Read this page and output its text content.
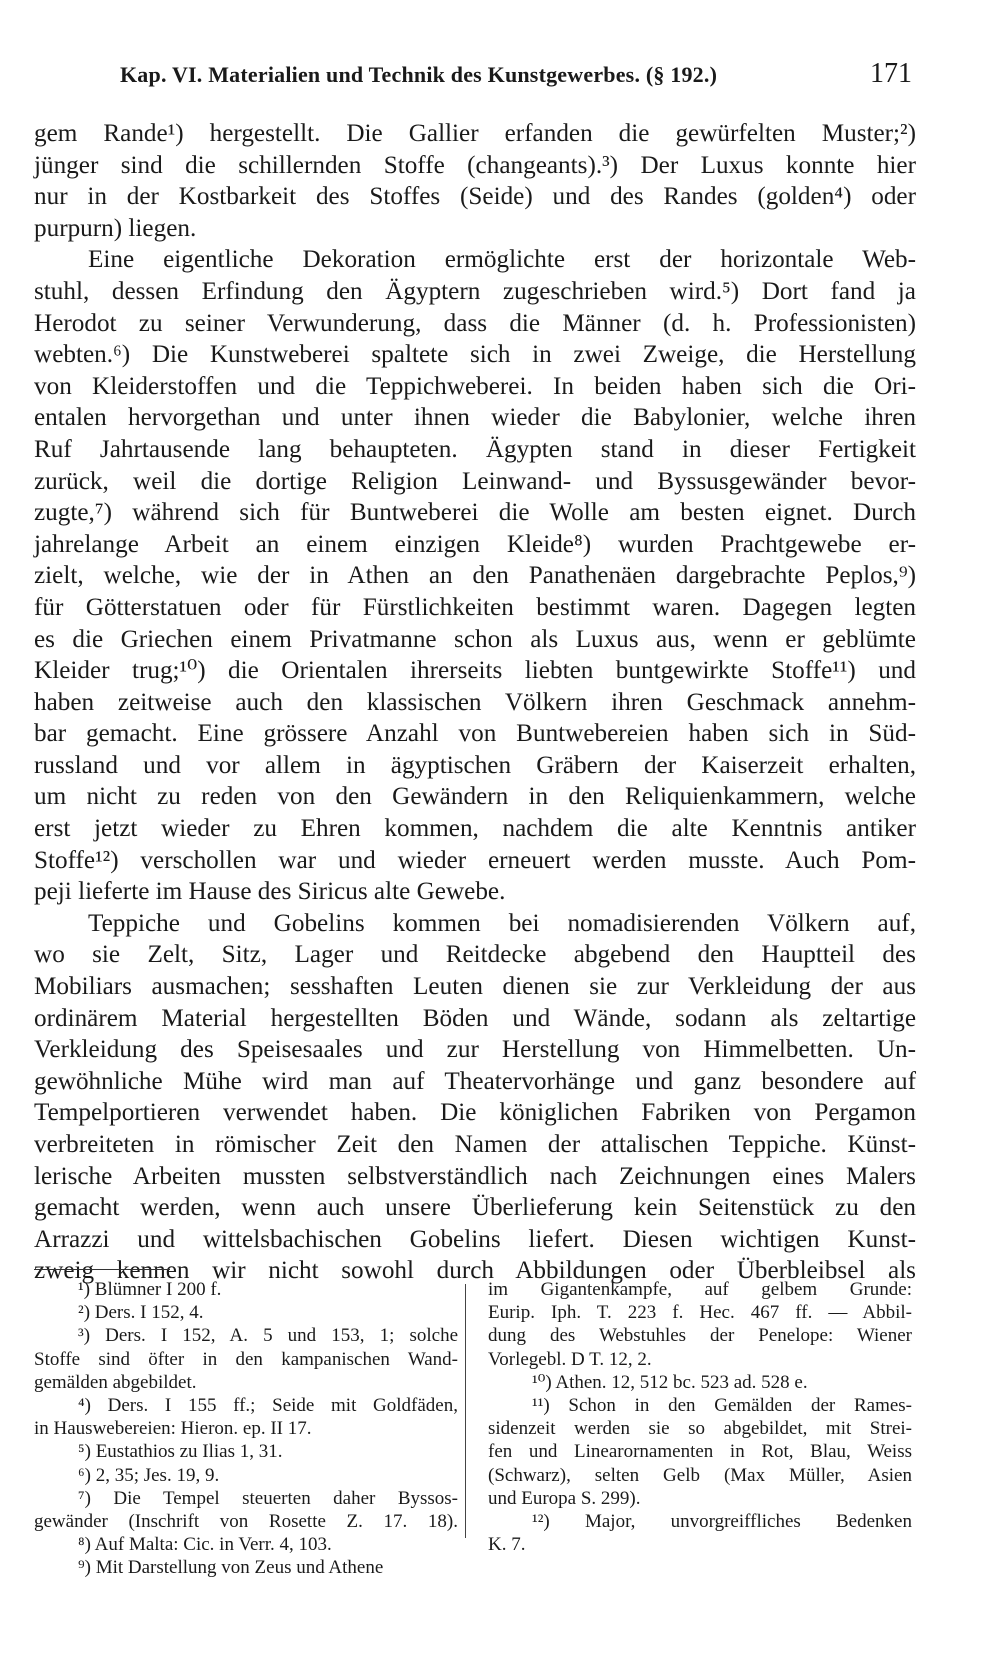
Kap. VI. Materialien und Technik des Kunstgewerbes. (§ 192.)	171
gem Rande¹) hergestellt. Die Gallier erfanden die gewürfelten Muster;²)
jünger sind die schillernden Stoffe (changeants).³) Der Luxus konnte hier
nur in der Kostbarkeit des Stoffes (Seide) und des Randes (golden⁴) oder
purpurn) liegen.
Eine eigentliche Dekoration ermöglichte erst der horizontale Web-
stuhl, dessen Erfindung den Ägyptern zugeschrieben wird.⁵) Dort fand ja
Herodot zu seiner Verwunderung, dass die Männer (d. h. Professionisten)
webten.⁶) Die Kunstweberei spaltete sich in zwei Zweige, die Herstellung
von Kleiderstoffen und die Teppichweberei. In beiden haben sich die Ori-
entalen hervorgethan und unter ihnen wieder die Babylonier, welche ihren
Ruf Jahrtausende lang behaupteten. Ägypten stand in dieser Fertigkeit
zurück, weil die dortige Religion Leinwand- und Byssusgewänder bevor-
zugte,⁷) während sich für Buntweberei die Wolle am besten eignet. Durch
jahrelange Arbeit an einem einzigen Kleide⁸) wurden Prachtgewebe er-
zielt, welche, wie der in Athen an den Panathenäen dargebrachte Peplos,⁹)
für Götterstatuen oder für Fürstlichkeiten bestimmt waren. Dagegen legten
es die Griechen einem Privatmanne schon als Luxus aus, wenn er geblümte
Kleider trug;¹⁰) die Orientalen ihrerseits liebten buntgewirkte Stoffe¹¹) und
haben zeitweise auch den klassischen Völkern ihren Geschmack annehm-
bar gemacht. Eine grössere Anzahl von Buntwebereien haben sich in Süd-
russland und vor allem in ägyptischen Gräbern der Kaiserzeit erhalten,
um nicht zu reden von den Gewändern in den Reliquienkammern, welche
erst jetzt wieder zu Ehren kommen, nachdem die alte Kenntnis antiker
Stoffe¹²) verschollen war und wieder erneuert werden musste. Auch Pom-
peji lieferte im Hause des Siricus alte Gewebe.
Teppiche und Gobelins kommen bei nomadisierenden Völkern auf,
wo sie Zelt, Sitz, Lager und Reitdecke abgebend den Hauptteil des
Mobiliars ausmachen; sesshaften Leuten dienen sie zur Verkleidung der aus
ordinärem Material hergestellten Böden und Wände, sodann als zeltartige
Verkleidung des Speisesaales und zur Herstellung von Himmelbetten. Un-
gewöhnliche Mühe wird man auf Theatervorhänge und ganz besondere auf
Tempelportieren verwendet haben. Die königlichen Fabriken von Pergamon
verbreiteten in römischer Zeit den Namen der attalischen Teppiche. Künst-
lerische Arbeiten mussten selbstverständlich nach Zeichnungen eines Malers
gemacht werden, wenn auch unsere Überlieferung kein Seitenstück zu den
Arrazzi und wittelsbachischen Gobelins liefert. Diesen wichtigen Kunst-
zweig kennen wir nicht sowohl durch Abbildungen oder Überbleibsel als
¹) Blümner I 200 f.
²) Ders. I 152, 4.
³) Ders. I 152, A. 5 und 153, 1; solche
Stoffe sind öfter in den kampanischen Wand-
gemälden abgebildet.
⁴) Ders. I 155 ff.; Seide mit Goldfäden,
in Hauswebereien: Hieron. ep. II 17.
⁵) Eustathios zu Ilias 1, 31.
⁶) 2, 35; Jes. 19, 9.
⁷) Die Tempel steuerten daher Byssos-
gewänder (Inschrift von Rosette Z. 17. 18).
⁸) Auf Malta: Cic. in Verr. 4, 103.
⁹) Mit Darstellung von Zeus und Athene
im Gigantenkampfe, auf gelbem Grunde:
Eurip. Iph. T. 223 f. Hec. 467 ff. — Abbil-
dung des Webstuhles der Penelope: Wiener
Vorlegebl. D T. 12, 2.
¹⁰) Athen. 12, 512 bc. 523 ad. 528 e.
¹¹) Schon in den Gemälden der Rames-
sidenzeit werden sie so abgebildet, mit Strei-
fen und Linearornamenten in Rot, Blau, Weiss
(Schwarz), selten Gelb (Max Müller, Asien
und Europa S. 299).
¹²) Major, unvorgreiffliches Bedenken
K. 7.
